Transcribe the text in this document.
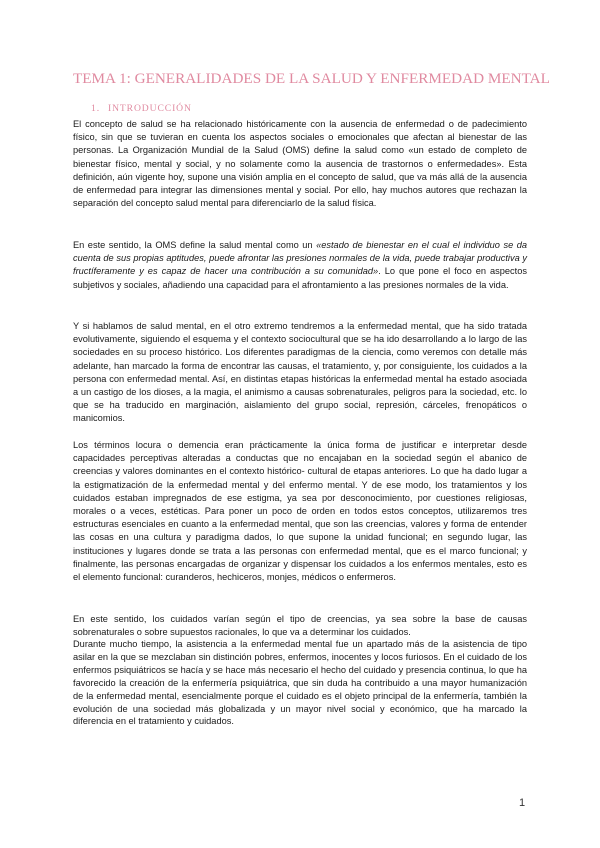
TEMA 1: GENERALIDADES DE LA SALUD Y ENFERMEDAD MENTAL
1. INTRODUCCIÓN

El concepto de salud se ha relacionado históricamente con la ausencia de enfermedad o de padecimiento físico, sin que se tuvieran en cuenta los aspectos sociales o emocionales que afectan al bienestar de las personas. La Organización Mundial de la Salud (OMS) define la salud como «un estado de completo de bienestar físico, mental y social, y no solamente como la ausencia de trastornos o enfermedades». Esta definición, aún vigente hoy, supone una visión amplia en el concepto de salud, que va más allá de la ausencia de enfermedad para integrar las dimensiones mental y social. Por ello, hay muchos autores que rechazan la separación del concepto salud mental para diferenciarlo de la salud física.

En este sentido, la OMS define la salud mental como un «estado de bienestar en el cual el individuo se da cuenta de sus propias aptitudes, puede afrontar las presiones normales de la vida, puede trabajar productiva y fructíferamente y es capaz de hacer una contribución a su comunidad». Lo que pone el foco en aspectos subjetivos y sociales, añadiendo una capacidad para el afrontamiento a las presiones normales de la vida.

Y si hablamos de salud mental, en el otro extremo tendremos a la enfermedad mental, que ha sido tratada evolutivamente, siguiendo el esquema y el contexto sociocultural que se ha ido desarrollando a lo largo de las sociedades en su proceso histórico. Los diferentes paradigmas de la ciencia, como veremos con detalle más adelante, han marcado la forma de encontrar las causas, el tratamiento, y, por consiguiente, los cuidados a la persona con enfermedad mental. Así, en distintas etapas históricas la enfermedad mental ha estado asociada a un castigo de los dioses, a la magia, el animismo a causas sobrenaturales, peligros para la sociedad, etc. lo que se ha traducido en marginación, aislamiento del grupo social, represión, cárceles, frenopáticos o manicomios.

Los términos locura o demencia eran prácticamente la única forma de justificar e interpretar desde capacidades perceptivas alteradas a conductas que no encajaban en la sociedad según el abanico de creencias y valores dominantes en el contexto histórico- cultural de etapas anteriores. Lo que ha dado lugar a la estigmatización de la enfermedad mental y del enfermo mental. Y de ese modo, los tratamientos y los cuidados estaban impregnados de ese estigma, ya sea por desconocimiento, por cuestiones religiosas, morales o a veces, estéticas. Para poner un poco de orden en todos estos conceptos, utilizaremos tres estructuras esenciales en cuanto a la enfermedad mental, que son las creencias, valores y forma de entender las cosas en una cultura y paradigma dados, lo que supone la unidad funcional; en segundo lugar, las instituciones y lugares donde se trata a las personas con enfermedad mental, que es el marco funcional; y finalmente, las personas encargadas de organizar y dispensar los cuidados a los enfermos mentales, esto es el elemento funcional: curanderos, hechiceros, monjes, médicos o enfermeros.

En este sentido, los cuidados varían según el tipo de creencias, ya sea sobre la base de causas sobrenaturales o sobre supuestos racionales, lo que va a determinar los cuidados.

Durante mucho tiempo, la asistencia a la enfermedad mental fue un apartado más de la asistencia de tipo asilar en la que se mezclaban sin distinción pobres, enfermos, inocentes y locos furiosos. En el cuidado de los enfermos psiquiátricos se hacía y se hace más necesario el hecho del cuidado y presencia continua, lo que ha favorecido la creación de la enfermería psiquiátrica, que sin duda ha contribuido a una mayor humanización de la enfermedad mental, esencialmente porque el cuidado es el objeto principal de la enfermería, también la evolución de una sociedad más globalizada y un mayor nivel social y económico, que ha marcado la diferencia en el tratamiento y cuidados.

1
